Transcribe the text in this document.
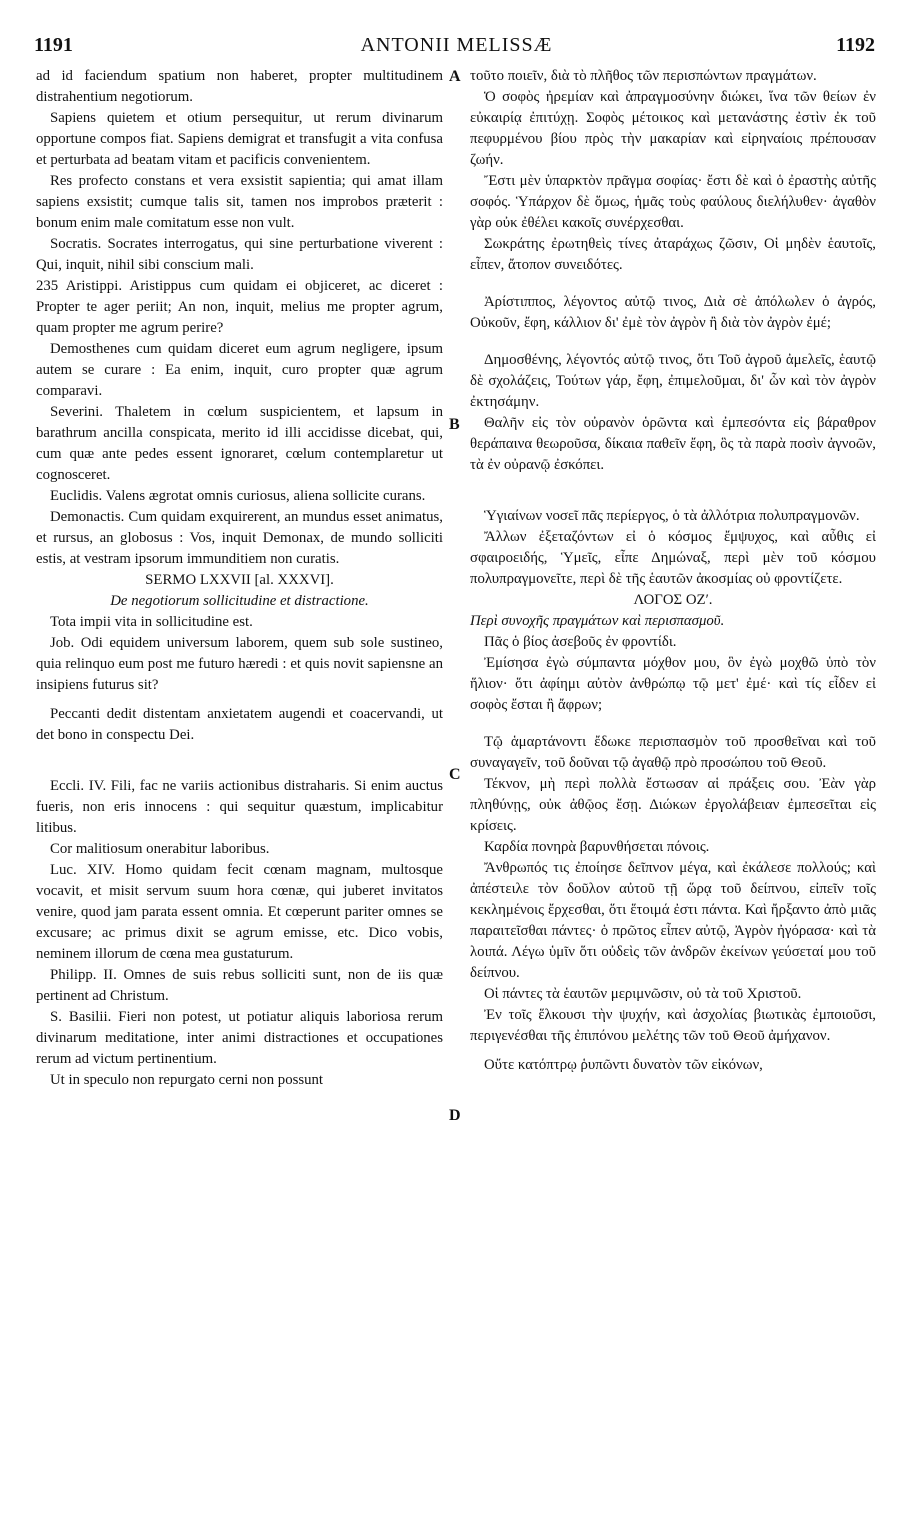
1191	ANTONII MELISSÆ	1192
A
B
C
D

ad id faciendum spatium non haberet, propter multitudinem distrahentium negotiorum.

Sapiens quietem et otium persequitur, ut rerum divinarum opportune compos fiat. Sapiens demigrat et transfugit a vita confusa et perturbata ad beatam vitam et pacificis convenientem.

Res profecto constans et vera exsistit sapientia; qui amat illam sapiens exsistit; cumque talis sit, tamen nos improbos præterit : bonum enim male comitatum esse non vult.

Socratis. Socrates interrogatus, qui sine perturbatione viverent : Qui, inquit, nihil sibi conscium mali.

235 Aristippi. Aristippus cum quidam ei objiceret, ac diceret : Propter te ager periit; An non, inquit, melius me propter agrum, quam propter me agrum perire?

Demosthenes cum quidam diceret eum agrum negligere, ipsum autem se curare : Ea enim, inquit, curo propter quæ agrum comparavi.

Severini. Thaletem in cœlum suspicientem, et lapsum in barathrum ancilla conspicata, merito id illi accidisse dicebat, qui, cum quæ ante pedes essent ignoraret, cœlum contemplaretur ut cognosceret.

Euclidis. Valens ægrotat omnis curiosus, aliena sollicite curans.

Demonactis. Cum quidam exquirerent, an mundus esset animatus, et rursus, an globosus : Vos, inquit Demonax, de mundo solliciti estis, at vestram ipsorum immunditiem non curatis.

SERMO LXXVII [al. XXXVI].

De negotiorum sollicitudine et distractione.

Tota impii vita in sollicitudine est.

Job. Odi equidem universum laborem, quem sub sole sustineo, quia relinquo eum post me futuro hæredi : et quis novit sapiensne an insipiens futurus sit?

Peccanti dedit distentam anxietatem augendi et coacervandi, ut det bono in conspectu Dei.

Eccli. IV. Fili, fac ne variis actionibus distraharis. Si enim auctus fueris, non eris innocens : qui sequitur quæstum, implicabitur litibus.

Cor malitiosum onerabitur laboribus.

Luc. XIV. Homo quidam fecit cœnam magnam, multosque vocavit, et misit servum suum hora cœnæ, qui juberet invitatos venire, quod jam parata essent omnia. Et cœperunt pariter omnes se excusare; ac primus dixit se agrum emisse, etc. Dico vobis, neminem illorum de cœna mea gustaturum.

Philipp. II. Omnes de suis rebus solliciti sunt, non de iis quæ pertinent ad Christum.

S. Basilii. Fieri non potest, ut potiatur aliquis laboriosa rerum divinarum meditatione, inter animi distractiones et occupationes rerum ad victum pertinentium.

Ut in speculo non repurgato cerni non possunt

τοῦτο ποιεῖν, διὰ τὸ πλῆθος τῶν περισπώντων πραγμάτων.

Ὁ σοφὸς ἠρεμίαν καὶ ἀπραγμοσύνην διώκει, ἵνα τῶν θείων ἐν εὐκαιρίᾳ ἐπιτύχῃ. Σοφὸς μέτοικος καὶ μετανάστης ἐστὶν ἐκ τοῦ πεφυρμένου βίου πρὸς τὴν μακαρίαν καὶ εἰρηναίοις πρέπουσαν ζωήν.

Ἔστι μὲν ὑπαρκτὸν πρᾶγμα σοφίας· ἔστι δὲ καὶ ὁ ἐραστὴς αὐτῆς σοφός. Ὑπάρχον δὲ ὅμως, ἡμᾶς τοὺς φαύλους διελήλυθεν· ἀγαθὸν γὰρ οὐκ ἐθέλει κακοῖς συνέρχεσθαι.

Σωκράτης ἐρωτηθεὶς τίνες ἀταράχως ζῶσιν, Οἱ μηδὲν ἑαυτοῖς, εἶπεν, ἄτοπον συνειδότες.

Ἀρίστιππος, λέγοντος αὐτῷ τινος, Διὰ σὲ ἀπόλωλεν ὁ ἀγρός, Οὐκοῦν, ἔφη, κάλλιον δι' ἐμὲ τὸν ἀγρὸν ἢ διὰ τὸν ἀγρὸν ἐμέ;

Δημοσθένης, λέγοντός αὐτῷ τινος, ὅτι Τοῦ ἀγροῦ ἀμελεῖς, ἑαυτῷ δὲ σχολάζεις, Τούτων γάρ, ἔφη, ἐπιμελοῦμαι, δι' ὧν καὶ τὸν ἀγρὸν ἐκτησάμην.

Θαλῆν εἰς τὸν οὐρανὸν ὁρῶντα καὶ ἐμπεσόντα εἰς βάραθρον θεράπαινα θεωροῦσα, δίκαια παθεῖν ἔφη, ὃς τὰ παρὰ ποσὶν ἀγνοῶν, τὰ ἐν οὐρανῷ ἐσκόπει.

Ὑγιαίνων νοσεῖ πᾶς περίεργος, ὁ τὰ ἀλλότρια πολυπραγμονῶν.

Ἄλλων ἐξεταζόντων εἰ ὁ κόσμος ἔμψυχος, καὶ αὖθις εἰ σφαιροειδής, Ὑμεῖς, εἶπε Δημώναξ, περὶ μὲν τοῦ κόσμου πολυπραγμονεῖτε, περὶ δὲ τῆς ἑαυτῶν ἀκοσμίας οὐ φροντίζετε.

ΛΟΓΟΣ ΟΖʹ.

Περὶ συνοχῆς πραγμάτων καὶ περισπασμοῦ.

Πᾶς ὁ βίος ἀσεβοῦς ἐν φροντίδι.

Ἐμίσησα ἐγὼ σύμπαντα μόχθον μου, ὃν ἐγὼ μοχθῶ ὑπὸ τὸν ἥλιον· ὅτι ἀφίημι αὐτὸν ἀνθρώπῳ τῷ μετ' ἐμέ· καὶ τίς εἶδεν εἰ σοφὸς ἔσται ἢ ἄφρων;

Τῷ ἁμαρτάνοντι ἔδωκε περισπασμὸν τοῦ προσθεῖναι καὶ τοῦ συναγαγεῖν, τοῦ δοῦναι τῷ ἀγαθῷ πρὸ προσώπου τοῦ Θεοῦ.

Τέκνον, μὴ περὶ πολλὰ ἔστωσαν αἱ πράξεις σου. Ἐὰν γὰρ πληθύνῃς, οὐκ ἀθῷος ἔσῃ. Διώκων ἐργολάβειαν ἐμπεσεῖται εἰς κρίσεις.

Καρδία πονηρὰ βαρυνθήσεται πόνοις.

Ἄνθρωπός τις ἐποίησε δεῖπνον μέγα, καὶ ἐκάλεσε πολλούς; καὶ ἀπέστειλε τὸν δοῦλον αὐτοῦ τῇ ὥρᾳ τοῦ δείπνου, εἰπεῖν τοῖς κεκλημένοις ἔρχεσθαι, ὅτι ἕτοιμά ἐστι πάντα. Καὶ ἤρξαντο ἀπὸ μιᾶς παραιτεῖσθαι πάντες· ὁ πρῶτος εἶπεν αὐτῷ, Ἀγρὸν ἠγόρασα· καὶ τὰ λοιπά. Λέγω ὑμῖν ὅτι οὐδεὶς τῶν ἀνδρῶν ἐκείνων γεύσεταί μου τοῦ δείπνου.

Οἱ πάντες τὰ ἑαυτῶν μεριμνῶσιν, οὐ τὰ τοῦ Χριστοῦ.

Ἐν τοῖς ἕλκουσι τὴν ψυχήν, καὶ ἀσχολίας βιωτικὰς ἐμποιοῦσι, περιγενέσθαι τῆς ἐπιπόνου μελέτης τῶν τοῦ Θεοῦ ἀμήχανον.

Οὔτε κατόπτρῳ ῥυπῶντι δυνατὸν τῶν εἰκόνων,
